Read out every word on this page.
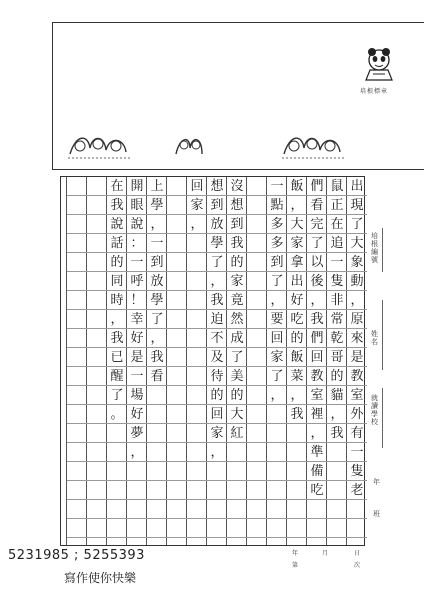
培根標章
出
現
了
大
象
動
，
原
來
是
教
室
外
有
一
隻
老
鼠
正
在
追
一
隻
非
常
乾
哥
的
貓
，
我
們
看
完
了
以
後
，
我
們
回
教
室
裡
，
準
備
吃
飯
，
大
家
拿
出
好
吃
的
飯
菜
，
我
一
點
多
多
到
了
，
要
回
家
了
，
沒
想
到
我
的
家
竟
然
成
了
美
的
大
紅
想
到
放
學
了
，
我
迫
不
及
待
的
回
家
，
回
家
，
上
學
，
一
到
放
學
了
，
我
看
開
眼
說
：
一
呼
！
幸
好
是
一
場
好
夢
，
在
我
說
話
的
同
時
，
我
已
醒
了
。
培根編號
姓名
就讀學校
年
班
年	月	日
第	次
5231985 ; 5255393
寫作使你快樂
